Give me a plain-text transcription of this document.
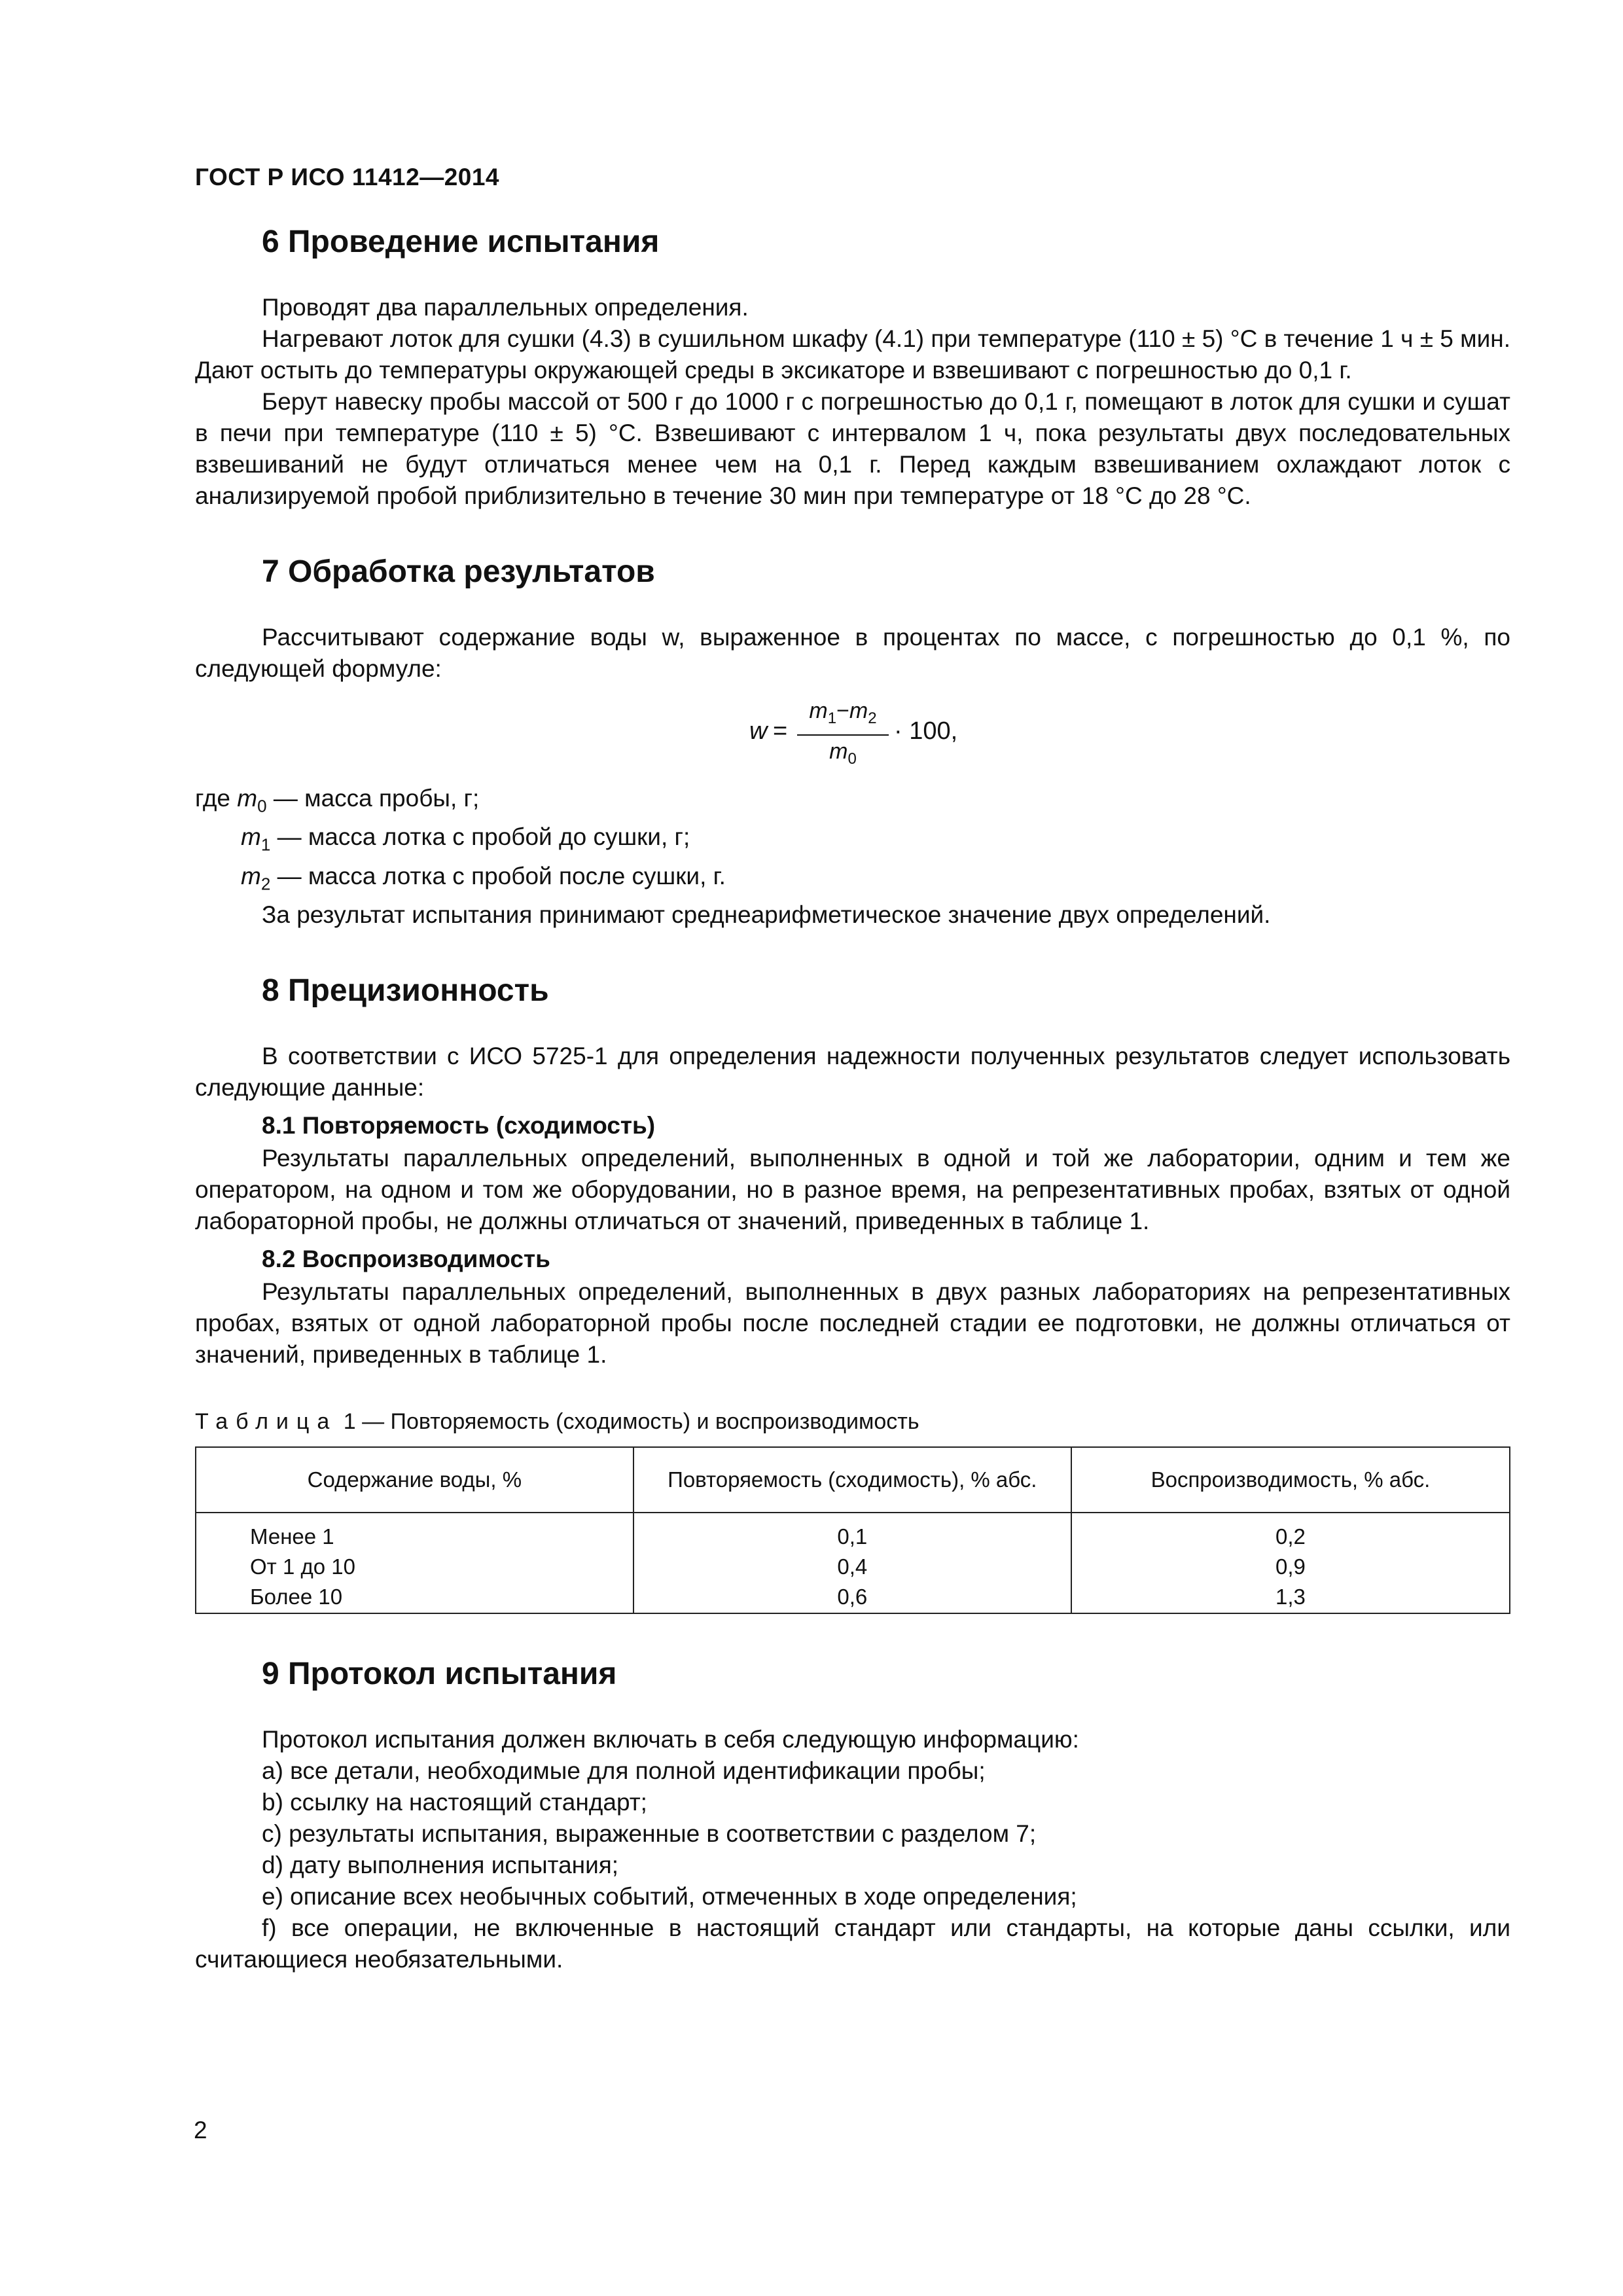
ГОСТ Р ИСО 11412—2014
6 Проведение испытания

Проводят два параллельных определения.

Нагревают лоток для сушки (4.3) в сушильном шкафу (4.1) при температуре (110 ± 5) °С в течение 1 ч ± 5 мин. Дают остыть до температуры окружающей среды в эксикаторе и взвешивают с погрешностью до 0,1 г.

Берут навеску пробы массой от 500 г до 1000 г с погрешностью до 0,1 г, помещают в лоток для сушки и сушат в печи при температуре (110 ± 5) °С. Взвешивают с интервалом 1 ч, пока результаты двух последовательных взвешиваний не будут отличаться менее чем на 0,1 г. Перед каждым взвешиванием охлаждают лоток с анализируемой пробой приблизительно в течение 30 мин при температуре от 18 °С до 28 °С.

7 Обработка результатов

Рассчитывают содержание воды w, выраженное в процентах по массе, с погрешностью до 0,1 %, по следующей формуле:

w =
$m_1-m_2$
$m_0$
· 100,
где $m_0$ — масса пробы, г;
$m_1$ — масса лотка с пробой до сушки, г;
$m_2$ — масса лотка с пробой после сушки, г.

За результат испытания принимают среднеарифметическое значение двух определений.

8 Прецизионность

В соответствии с ИСО 5725-1 для определения надежности полученных результатов следует использовать следующие данные:

8.1 Повторяемость (сходимость)

Результаты параллельных определений, выполненных в одной и той же лаборатории, одним и тем же оператором, на одном и том же оборудовании, но в разное время, на репрезентативных пробах, взятых от одной лабораторной пробы, не должны отличаться от значений, приведенных в таблице 1.

8.2 Воспроизводимость

Результаты параллельных определений, выполненных в двух разных лабораториях на репрезентативных пробах, взятых от одной лабораторной пробы после последней стадии ее подготовки, не должны отличаться от значений, приведенных в таблице 1.

Таблица 1 — Повторяемость (сходимость) и воспроизводимость
Содержание воды, %	Повторяемость (сходимость), % абс.	Воспроизводимость, % абс.
Менее 1	0,1	0,2
От 1 до 10	0,4	0,9
Более 10	0,6	1,3
9 Протокол испытания

Протокол испытания должен включать в себя следующую информацию:

a) все детали, необходимые для полной идентификации пробы;

b) ссылку на настоящий стандарт;

c) результаты испытания, выраженные в соответствии с разделом 7;

d) дату выполнения испытания;

e) описание всех необычных событий, отмеченных в ходе определения;

f) все операции, не включенные в настоящий стандарт или стандарты, на которые даны ссылки, или считающиеся необязательными.

2
